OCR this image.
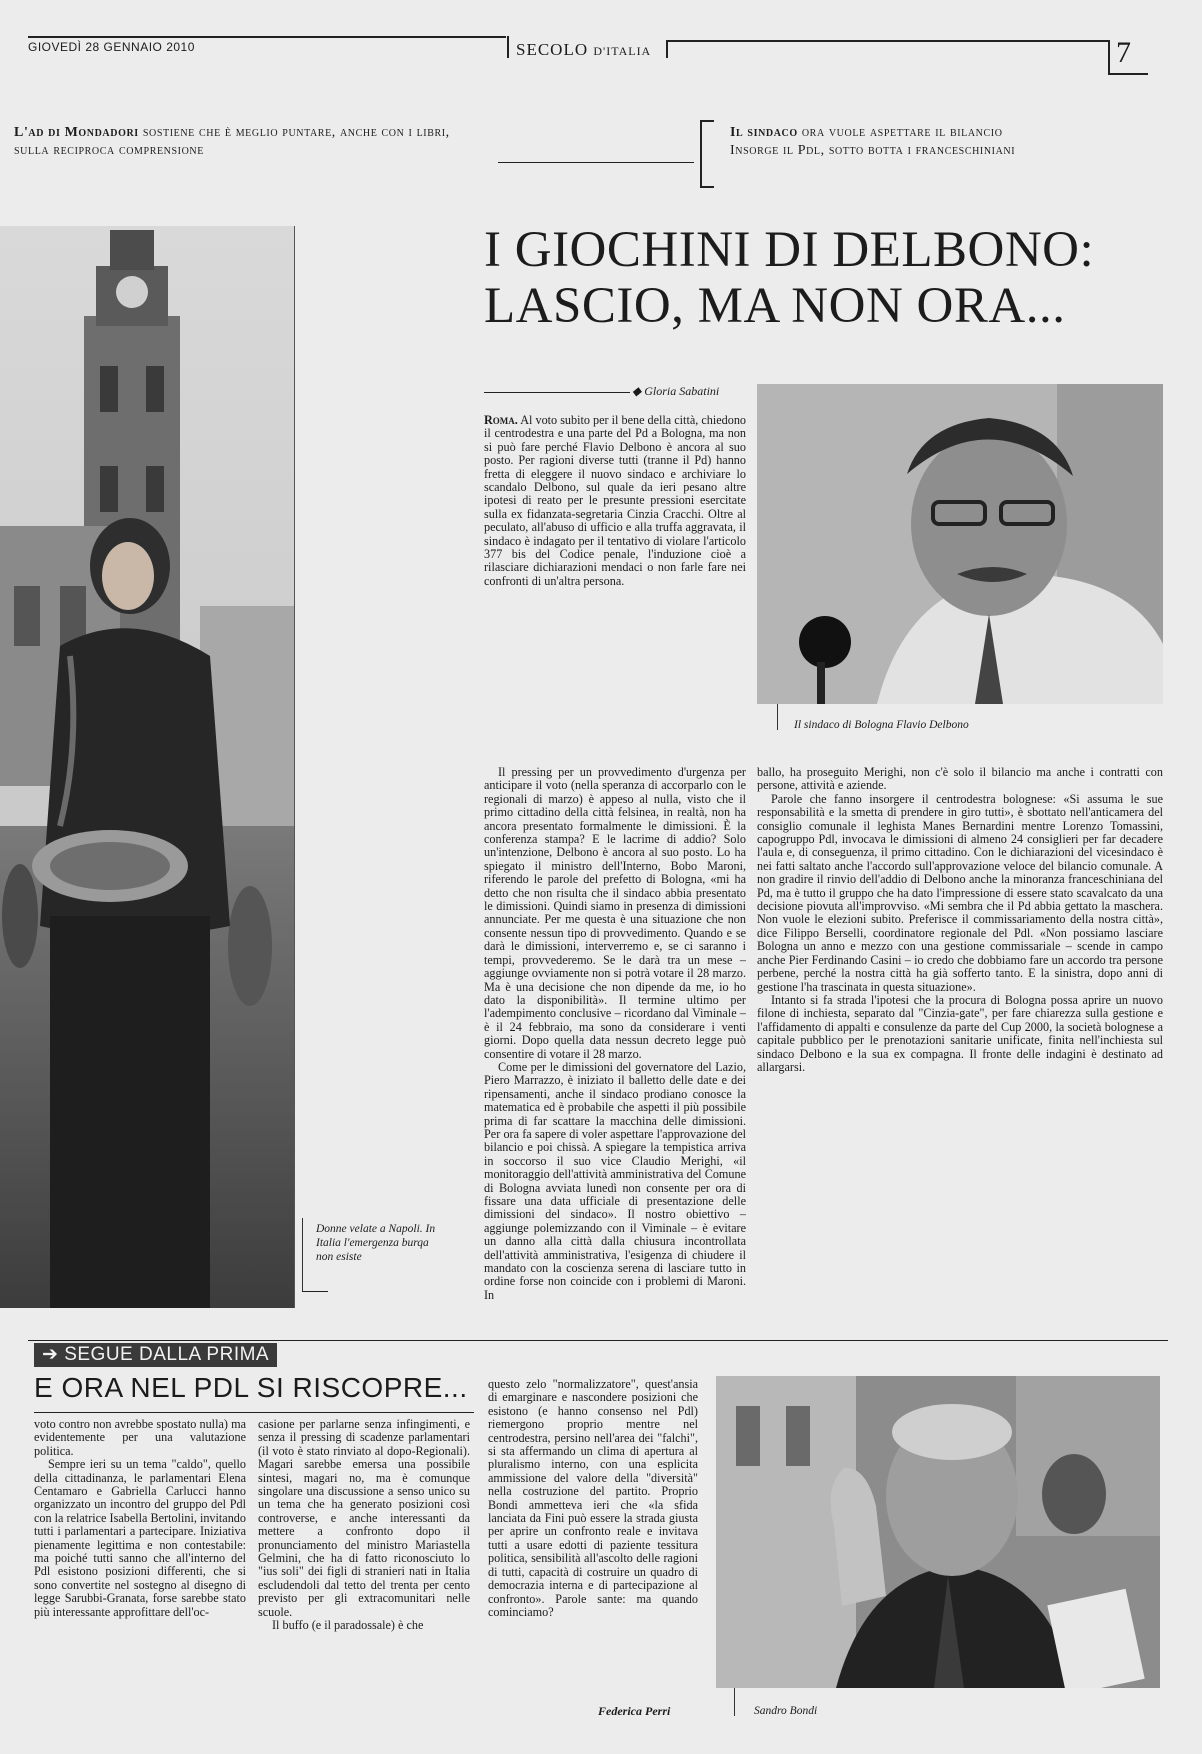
GIOVEDÌ 28 GENNAIO 2010	SECOLO D'ITALIA	7
L'ad di Mondadori sostiene che è meglio puntare, anche con i libri, sulla reciproca comprensione
Il sindaco ora vuole aspettare il bilancio
Insorge il Pdl, sotto botta i franceschiniani
Donne velate a Napoli. In Italia l'emergenza burqa non esiste
I GIOCHINI DI DELBONO:
LASCIO, MA NON ORA...
◆ Gloria Sabatini
Il sindaco di Bologna Flavio Delbono

Roma. Al voto subito per il bene della città, chiedono il centrodestra e una parte del Pd a Bologna, ma non si può fare perché Flavio Delbono è ancora al suo posto. Per ragioni diverse tutti (tranne il Pd) hanno fretta di eleggere il nuovo sindaco e archiviare lo scandalo Delbono, sul quale da ieri pesano altre ipotesi di reato per le presunte pressioni esercitate sulla ex fidanzata-segretaria Cinzia Cracchi. Oltre al peculato, all'abuso di ufficio e alla truffa aggravata, il sindaco è indagato per il tentativo di violare l'articolo 377 bis del Codice penale, l'induzione cioè a rilasciare dichiarazioni mendaci o non farle fare nei confronti di un'altra persona.

Il pressing per un provvedimento d'urgenza per anticipare il voto (nella speranza di accorparlo con le regionali di marzo) è appeso al nulla, visto che il primo cittadino della città felsinea, in realtà, non ha ancora presentato formalmente le dimissioni. È la conferenza stampa? E le lacrime di addio? Solo un'intenzione, Delbono è ancora al suo posto. Lo ha spiegato il ministro dell'Interno, Bobo Maroni, riferendo le parole del prefetto di Bologna, «mi ha detto che non risulta che il sindaco abbia presentato le dimissioni. Quindi siamo in presenza di dimissioni annunciate. Per me questa è una situazione che non consente nessun tipo di provvedimento. Quando e se darà le dimissioni, interverremo e, se ci saranno i tempi, provvederemo. Se le darà tra un mese – aggiunge ovviamente non si potrà votare il 28 marzo. Ma è una decisione che non dipende da me, io ho dato la disponibilità». Il termine ultimo per l'adempimento conclusive – ricordano dal Viminale – è il 24 febbraio, ma sono da considerare i venti giorni. Dopo quella data nessun decreto legge può consentire di votare il 28 marzo.

Come per le dimissioni del governatore del Lazio, Piero Marrazzo, è iniziato il balletto delle date e dei ripensamenti, anche il sindaco prodiano conosce la matematica ed è probabile che aspetti il più possibile prima di far scattare la macchina delle dimissioni. Per ora fa sapere di voler aspettare l'approvazione del bilancio e poi chissà. A spiegare la tempistica arriva in soccorso il suo vice Claudio Merighi, «il monitoraggio dell'attività amministrativa del Comune di Bologna avviata lunedì non consente per ora di fissare una data ufficiale di presentazione delle dimissioni del sindaco». Il nostro obiettivo – aggiunge polemizzando con il Viminale – è evitare un danno alla città dalla chiusura incontrollata dell'attività amministrativa, l'esigenza di chiudere il mandato con la coscienza serena di lasciare tutto in ordine forse non coincide con i problemi di Maroni. In

ballo, ha proseguito Merighi, non c'è solo il bilancio ma anche i contratti con persone, attività e aziende.

Parole che fanno insorgere il centrodestra bolognese: «Si assuma le sue responsabilità e la smetta di prendere in giro tutti», è sbottato nell'anticamera del consiglio comunale il leghista Manes Bernardini mentre Lorenzo Tomassini, capogruppo Pdl, invocava le dimissioni di almeno 24 consiglieri per far decadere l'aula e, di conseguenza, il primo cittadino. Con le dichiarazioni del vicesindaco è nei fatti saltato anche l'accordo sull'approvazione veloce del bilancio comunale. A non gradire il rinvio dell'addio di Delbono anche la minoranza franceschiniana del Pd, ma è tutto il gruppo che ha dato l'impressione di essere stato scavalcato da una decisione piovuta all'improvviso. «Mi sembra che il Pd abbia gettato la maschera. Non vuole le elezioni subito. Preferisce il commissariamento della nostra città», dice Filippo Berselli, coordinatore regionale del Pdl. «Non possiamo lasciare Bologna un anno e mezzo con una gestione commissariale – scende in campo anche Pier Ferdinando Casini – io credo che dobbiamo fare un accordo tra persone perbene, perché la nostra città ha già sofferto tanto. E la sinistra, dopo anni di gestione l'ha trascinata in questa situazione».

Intanto si fa strada l'ipotesi che la procura di Bologna possa aprire un nuovo filone di inchiesta, separato dal "Cinzia-gate", per fare chiarezza sulla gestione e l'affidamento di appalti e consulenze da parte del Cup 2000, la società bolognese a capitale pubblico per le prenotazioni sanitarie unificate, finita nell'inchiesta sul sindaco Delbono e la sua ex compagna. Il fronte delle indagini è destinato ad allargarsi.

➔ SEGUE DALLA PRIMA
E ORA NEL PDL SI RISCOPRE...

voto contro non avrebbe spostato nulla) ma evidentemente per una valutazione politica.

Sempre ieri su un tema "caldo", quello della cittadinanza, le parlamentari Elena Centamaro e Gabriella Carlucci hanno organizzato un incontro del gruppo del Pdl con la relatrice Isabella Bertolini, invitando tutti i parlamentari a partecipare. Iniziativa pienamente legittima e non contestabile: ma poiché tutti sanno che all'interno del Pdl esistono posizioni differenti, che si sono convertite nel sostegno al disegno di legge Sarubbi-Granata, forse sarebbe stato più interessante approfittare dell'oc-

casione per parlarne senza infingimenti, e senza il pressing di scadenze parlamentari (il voto è stato rinviato al dopo-Regionali). Magari sarebbe emersa una possibile sintesi, magari no, ma è comunque singolare una discussione a senso unico su un tema che ha generato posizioni così controverse, e anche interessanti da mettere a confronto dopo il pronunciamento del ministro Mariastella Gelmini, che ha di fatto riconosciuto lo "ius soli" dei figli di stranieri nati in Italia escludendoli dal tetto del trenta per cento previsto per gli extracomunitari nelle scuole.

Il buffo (e il paradossale) è che

questo zelo "normalizzatore", quest'ansia di emarginare e nascondere posizioni che esistono (e hanno consenso nel Pdl) riemergono proprio mentre nel centrodestra, persino nell'area dei "falchi", si sta affermando un clima di apertura al pluralismo interno, con una esplicita ammissione del valore della "diversità" nella costruzione del partito. Proprio Bondi ammetteva ieri che «la sfida lanciata da Fini può essere la strada giusta per aprire un confronto reale e invitava tutti a usare edotti di paziente tessitura politica, sensibilità all'ascolto delle ragioni di tutti, capacità di costruire un quadro di democrazia interna e di partecipazione al confronto». Parole sante: ma quando cominciamo?

Federica Perri	Sandro Bondi
